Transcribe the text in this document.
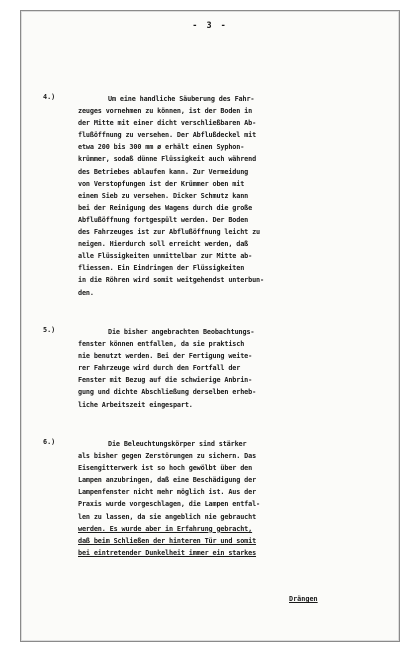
- 3 -
4.)	Um eine handliche Säuberung des Fahr-
zeuges vornehmen zu können, ist der Boden in
der Mitte mit einer dicht verschließbaren Ab-
flußöffnung zu versehen. Der Abflußdeckel mit
etwa 200 bis 300 mm ø erhält einen Syphon-
krümmer, sodaß dünne Flüssigkeit auch während
des Betriebes ablaufen kann. Zur Vermeidung
von Verstopfungen ist der Krümmer oben mit
einem Sieb zu versehen. Dicker Schmutz kann
bei der Reinigung des Wagens durch die große
Abflußöffnung fortgespült werden. Der Boden
des Fahrzeuges ist zur Abflußöffnung leicht zu
neigen. Hierdurch soll erreicht werden, daß
alle Flüssigkeiten unmittelbar zur Mitte ab-
fliessen. Ein Eindringen der Flüssigkeiten
in die Röhren wird somit weitgehendst unterbun-
den.
5.)	Die bisher angebrachten Beobachtungs-
fenster können entfallen, da sie praktisch
nie benutzt werden. Bei der Fertigung weite-
rer Fahrzeuge wird durch den Fortfall der
Fenster mit Bezug auf die schwierige Anbrin-
gung und dichte Abschließung derselben erheb-
liche Arbeitszeit eingespart.
6.)	Die Beleuchtungskörper sind stärker
als bisher gegen Zerstörungen zu sichern. Das
Eisengitterwerk ist so hoch gewölbt über den
Lampen anzubringen, daß eine Beschädigung der
Lampenfenster nicht mehr möglich ist. Aus der
Praxis wurde vorgeschlagen, die Lampen entfal-
len zu lassen, da sie angeblich nie gebraucht
werden. Es wurde aber in Erfahrung gebracht,
daß beim Schließen der hinteren Tür und somit
bei eintretender Dunkelheit immer ein starkes
Drängen
